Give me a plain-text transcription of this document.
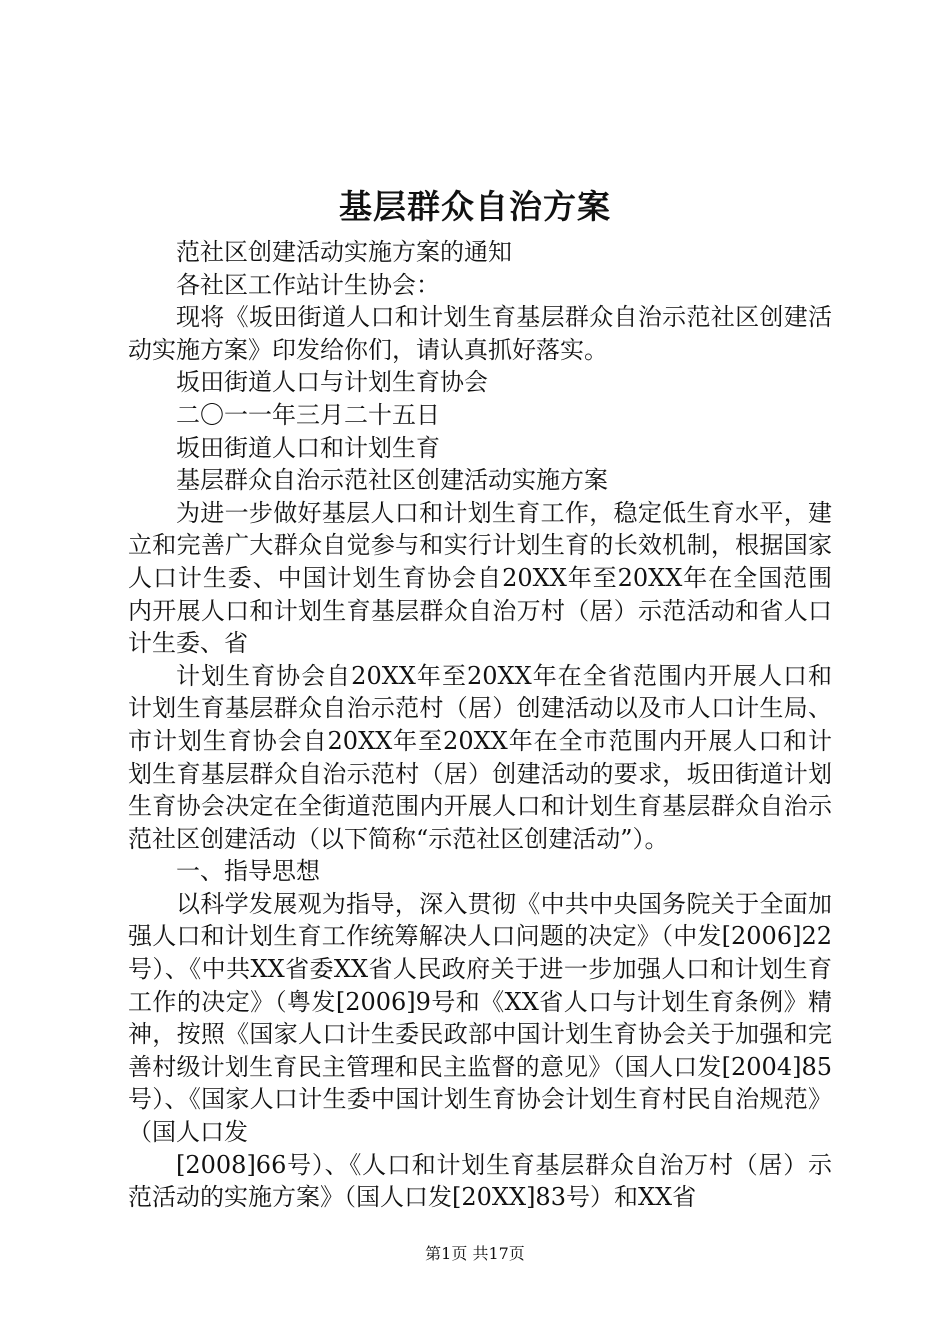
基层群众自治方案

范社区创建活动实施方案的通知

各社区工作站计生协会：

现将《坂田街道人口和计划生育基层群众自治示范社区创建活动实施方案》印发给你们，请认真抓好落实。

坂田街道人口与计划生育协会

二〇一一年三月二十五日

坂田街道人口和计划生育

基层群众自治示范社区创建活动实施方案

为进一步做好基层人口和计划生育工作，稳定低生育水平，建立和完善广大群众自觉参与和实行计划生育的长效机制，根据国家人口计生委、中国计划生育协会自20XX年至20XX年在全国范围内开展人口和计划生育基层群众自治万村（居）示范活动和省人口计生委、省

计划生育协会自20XX年至20XX年在全省范围内开展人口和计划生育基层群众自治示范村（居）创建活动以及市人口计生局、市计划生育协会自20XX年至20XX年在全市范围内开展人口和计划生育基层群众自治示范村（居）创建活动的要求，坂田街道计划生育协会决定在全街道范围内开展人口和计划生育基层群众自治示范社区创建活动（以下简称“示范社区创建活动”）。

一、指导思想

以科学发展观为指导，深入贯彻《中共中央国务院关于全面加强人口和计划生育工作统筹解决人口问题的决定》（中发[2006]22号）、《中共XX省委XX省人民政府关于进一步加强人口和计划生育工作的决定》（粤发[2006]9号和《XX省人口与计划生育条例》精神，按照《国家人口计生委民政部中国计划生育协会关于加强和完善村级计划生育民主管理和民主监督的意见》（国人口发[2004]85号）、《国家人口计生委中国计划生育协会计划生育村民自治规范》（国人口发

[2008]66号）、《人口和计划生育基层群众自治万村（居）示范活动的实施方案》（国人口发[20XX]83号）和XX省

第1页 共17页
